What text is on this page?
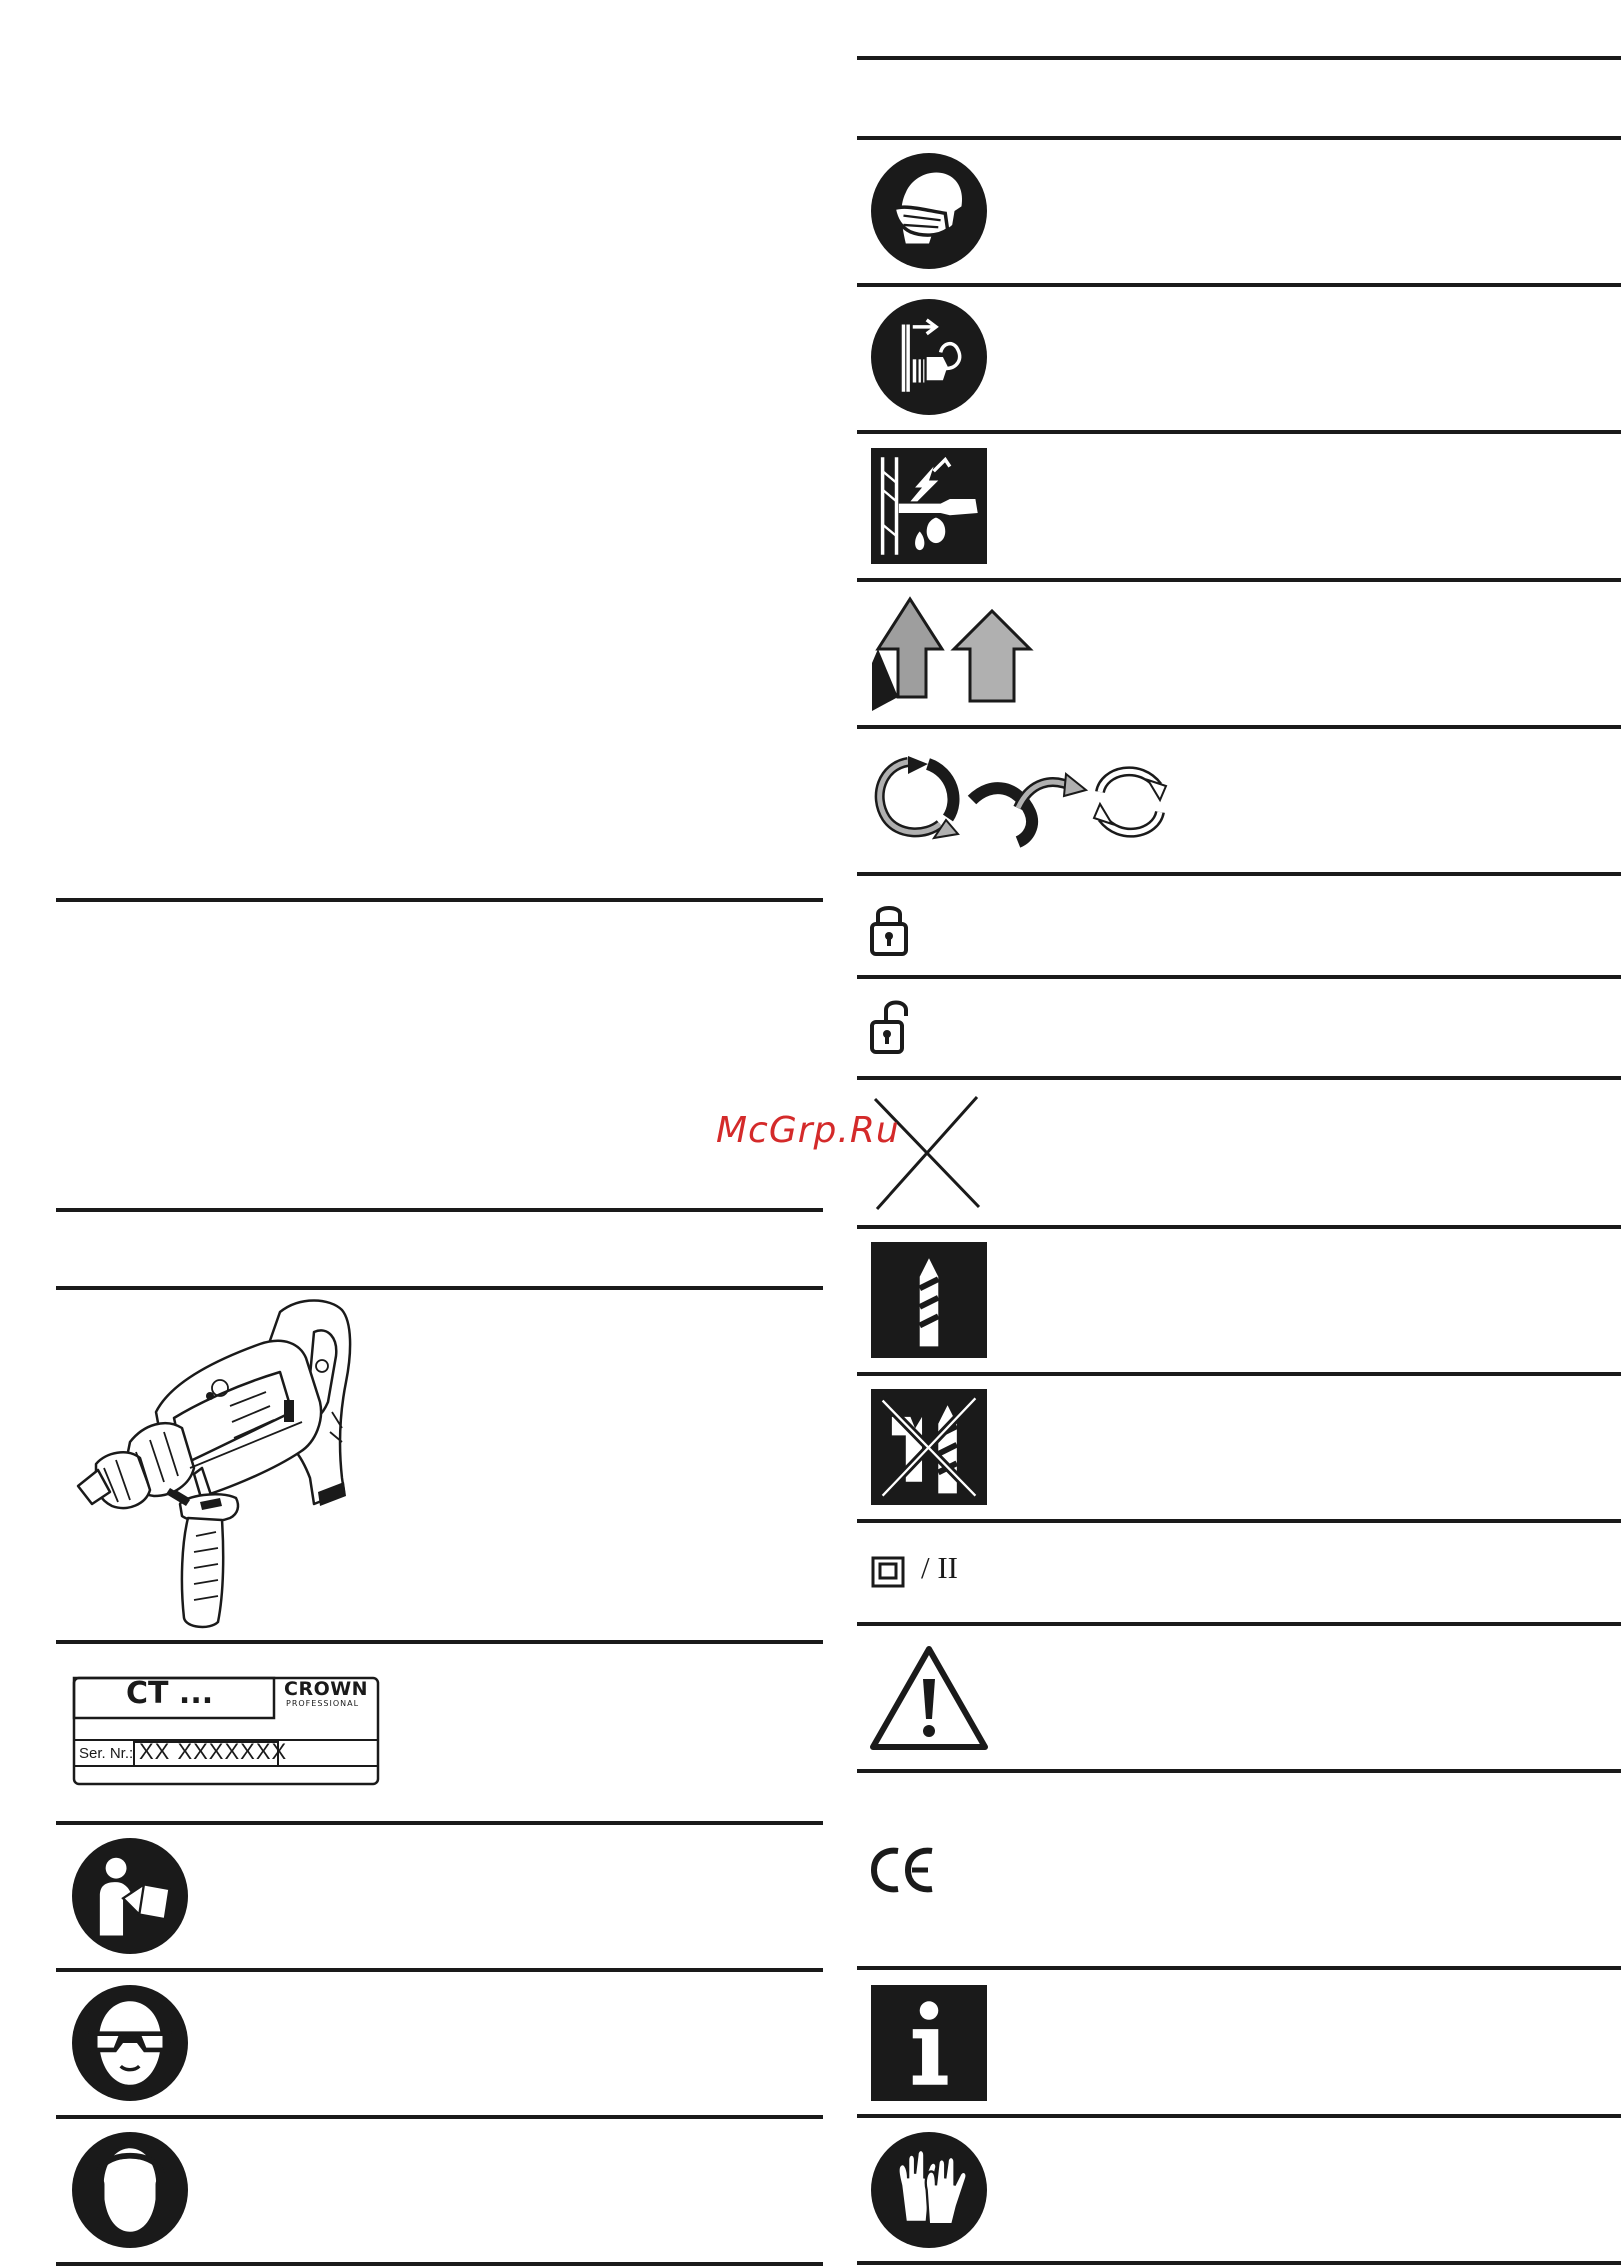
/ II
CT ...	CROWN
PROFESSIONAL
Ser. Nr.: XX XXXXXXX
McGrp.Ru
